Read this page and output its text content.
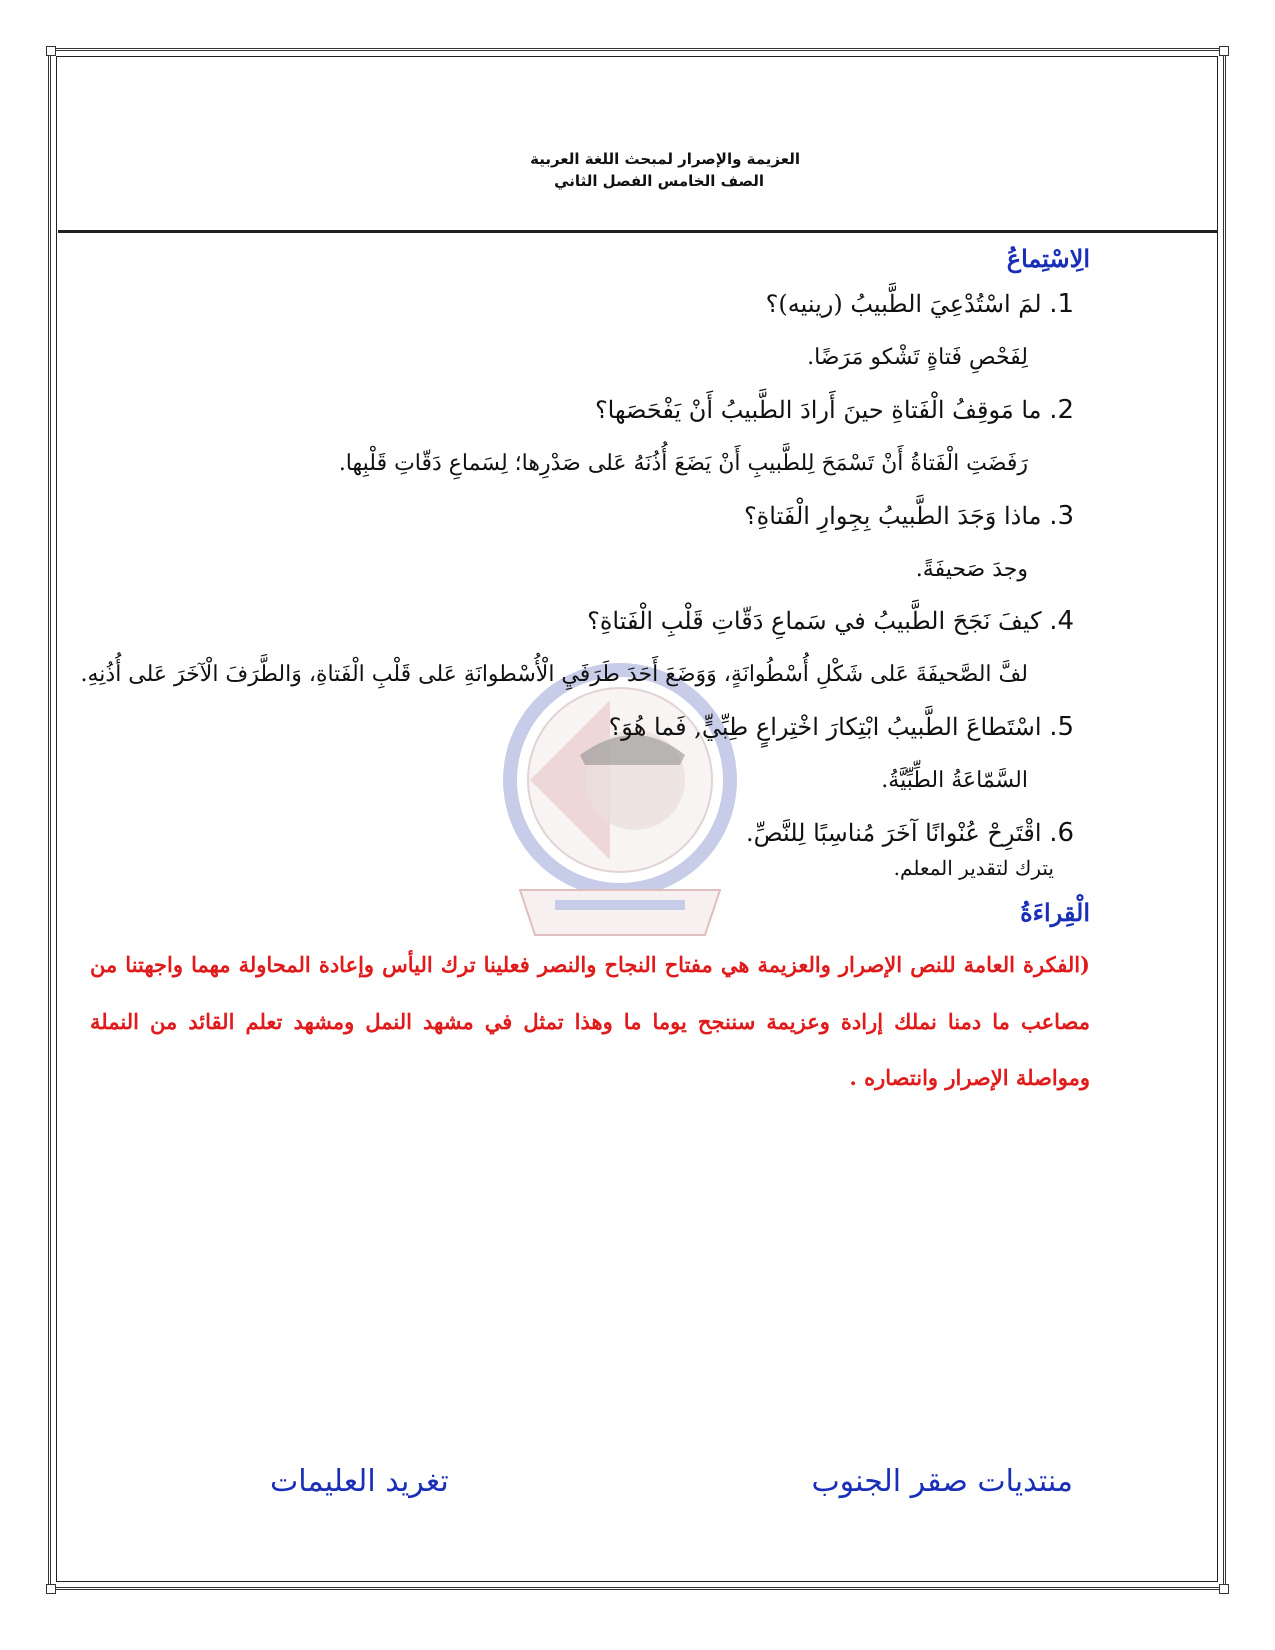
العزيمة والإصرار لمبحث اللغة العربية
الصف الخامس الفصل الثاني
الِاسْتِماعُ
1. لمَ اسْتُدْعِيَ الطَّبيبُ (رينيه)؟
لِفَحْصِ فَتاةٍ تَشْكو مَرَضًا.
2. ما مَوقِفُ الْفَتاةِ حينَ أَرادَ الطَّبيبُ أَنْ يَفْحَصَها؟
رَفَضَتِ الْفَتاةُ أَنْ تَسْمَحَ لِلطَّبيبِ أَنْ يَضَعَ أُذُنَهُ عَلى صَدْرِها؛ لِسَماعِ دَقّاتِ قَلْبِها.
3. ماذا وَجَدَ الطَّبيبُ بِجِوارِ الْفَتاةِ؟
وجدَ صَحيفَةً.
4. كيفَ نَجَحَ الطَّبيبُ في سَماعِ دَقّاتِ قَلْبِ الْفَتاةِ؟
لفَّ الصَّحيفَةَ عَلى شَكْلِ أُسْطُوانَةٍ، وَوَضَعَ أَحَدَ طَرَفَيِ الْأُسْطوانَةِ عَلى قَلْبِ الْفَتاةِ، وَالطَّرَفَ الْآخَرَ عَلى أُذُنِهِ.
5. اسْتَطاعَ الطَّبيبُ ابْتِكارَ اخْتِراعٍ طِبِّيٍّ, فَما هُوَ؟
السَّمّاعَةُ الطِّبِّيَّةُ.
6. اقْتَرِحْ عُنْوانًا آخَرَ مُناسِبًا لِلنَّصِّ.
يترك لتقدير المعلم.
الْقِراءَةُ
(الفكرة العامة للنص الإصرار والعزيمة هي مفتاح النجاح والنصر فعلينا ترك اليأس وإعادة المحاولة مهما واجهتنا من مصاعب ما دمنا نملك إرادة وعزيمة سننجح يوما ما وهذا تمثل في مشهد النمل ومشهد تعلم القائد من النملة ومواصلة الإصرار وانتصاره .
منتديات صقر الجنوب
تغريد العليمات
